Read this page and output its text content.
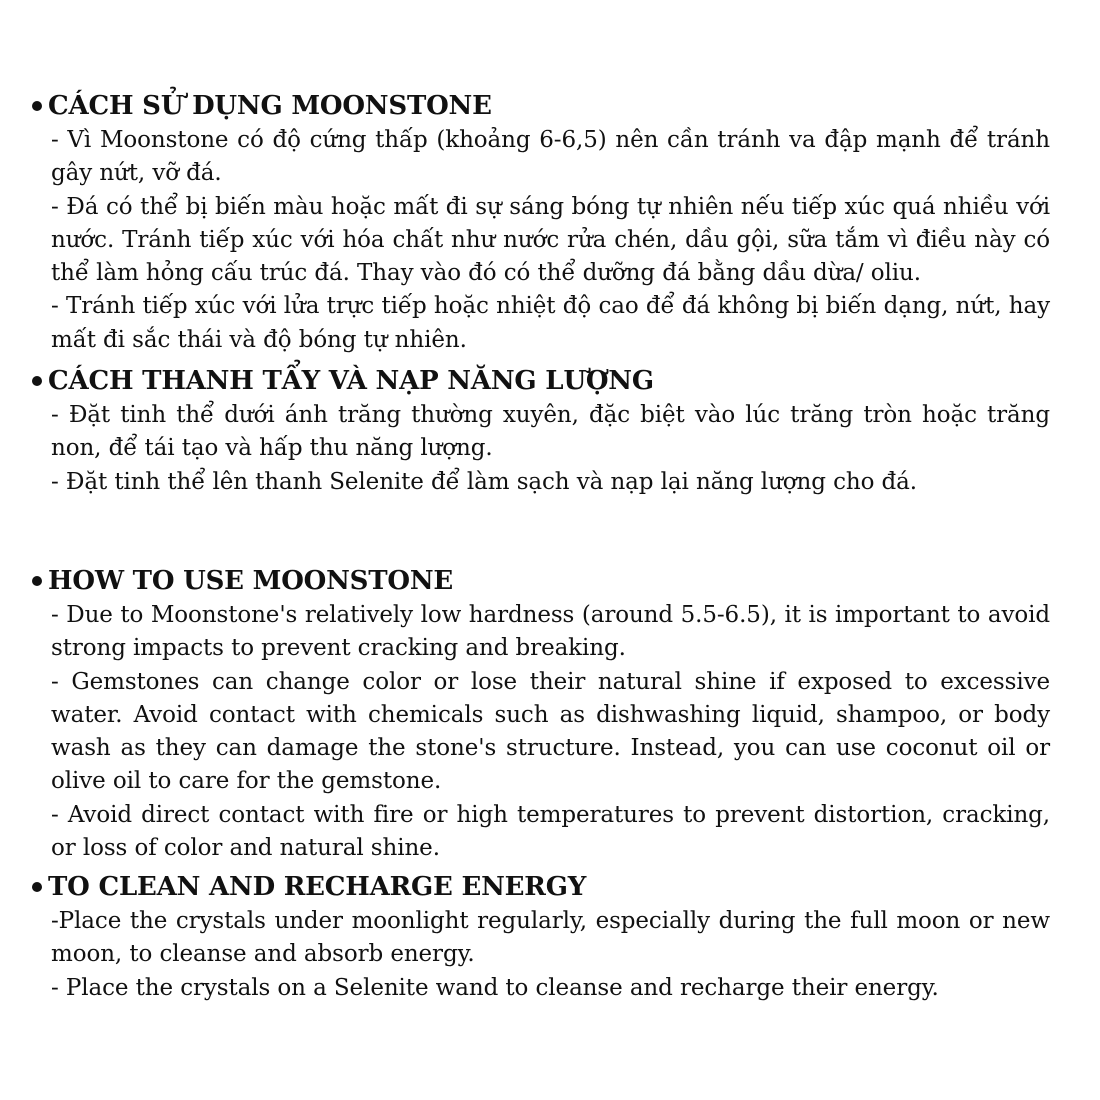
CÁCH SỬ DỤNG MOONSTONE

- Vì Moonstone có độ cứng thấp (khoảng 6-6,5) nên cần tránh va đập mạnh để tránh gây nứt, vỡ đá.

- Đá có thể bị biến màu hoặc mất đi sự sáng bóng tự nhiên nếu tiếp xúc quá nhiều với nước. Tránh tiếp xúc với hóa chất như nước rửa chén, dầu gội, sữa tắm vì điều này có thể làm hỏng cấu trúc đá. Thay vào đó có thể dưỡng đá bằng dầu dừa/ oliu.

- Tránh tiếp xúc với lửa trực tiếp hoặc nhiệt độ cao để đá không bị biến dạng, nứt, hay mất đi sắc thái và độ bóng tự nhiên.

CÁCH THANH TẨY VÀ NẠP NĂNG LƯỢNG

- Đặt tinh thể dưới ánh trăng thường xuyên, đặc biệt vào lúc trăng tròn hoặc trăng non, để tái tạo và hấp thu năng lượng.

- Đặt tinh thể lên thanh Selenite để làm sạch và nạp lại năng lượng cho đá.

HOW TO USE MOONSTONE

- Due to Moonstone's relatively low hardness (around 5.5-6.5), it is important to avoid strong impacts to prevent cracking and breaking.

- Gemstones can change color or lose their natural shine if exposed to excessive water. Avoid contact with chemicals such as dishwashing liquid, shampoo, or body wash as they can damage the stone's structure. Instead, you can use coconut oil or olive oil to care for the gemstone.

- Avoid direct contact with fire or high temperatures to prevent distortion, cracking, or loss of color and natural shine.

TO CLEAN AND RECHARGE ENERGY

-Place the crystals under moonlight regularly, especially during the full moon or new moon, to cleanse and absorb energy.

- Place the crystals on a Selenite wand to cleanse and recharge their energy.
